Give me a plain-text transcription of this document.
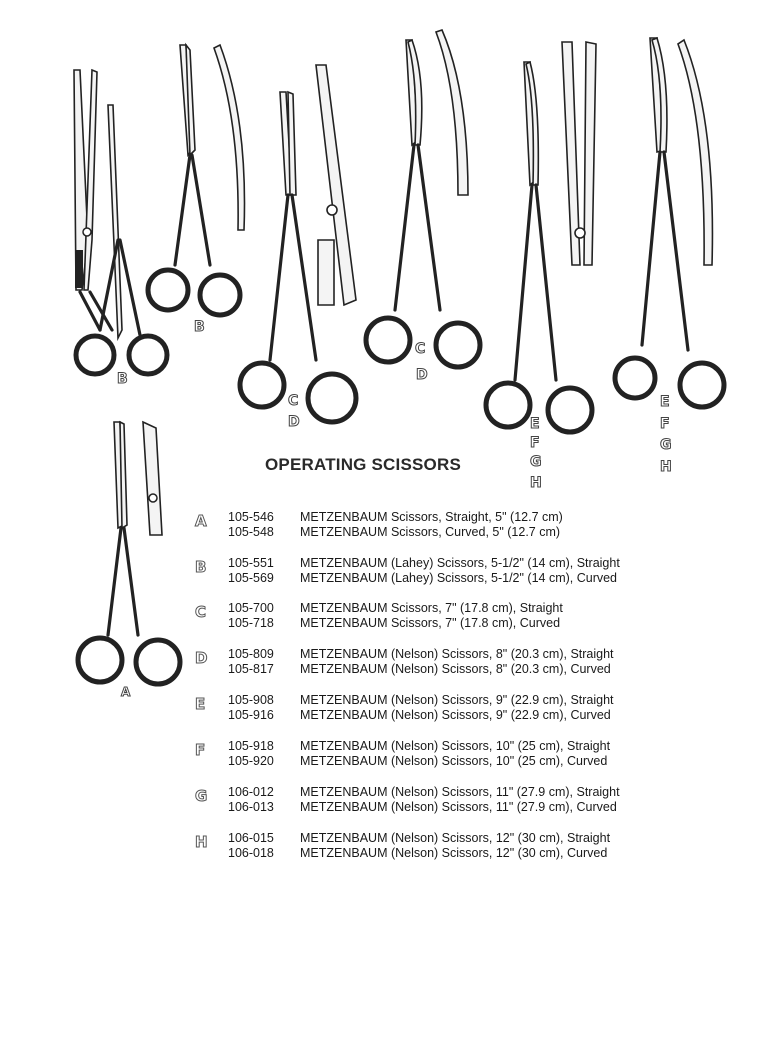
B
B
C
D
C
D
E
F
G
H
E
F
G
H
A
OPERATING SCISSORS
A 105-546 METZENBAUM Scissors, Straight, 5" (12.7 cm)
105-548 METZENBAUM Scissors, Curved, 5" (12.7 cm)
B 105-551 METZENBAUM (Lahey) Scissors, 5-1/2" (14 cm), Straight
105-569 METZENBAUM (Lahey) Scissors, 5-1/2" (14 cm), Curved
C 105-700 METZENBAUM Scissors, 7" (17.8 cm), Straight
105-718 METZENBAUM Scissors, 7" (17.8 cm), Curved
D 105-809 METZENBAUM (Nelson) Scissors, 8" (20.3 cm), Straight
105-817 METZENBAUM (Nelson) Scissors, 8" (20.3 cm), Curved
E 105-908 METZENBAUM (Nelson) Scissors, 9" (22.9 cm), Straight
105-916 METZENBAUM (Nelson) Scissors, 9" (22.9 cm), Curved
F 105-918 METZENBAUM (Nelson) Scissors, 10" (25 cm), Straight
105-920 METZENBAUM (Nelson) Scissors, 10" (25 cm), Curved
G 106-012 METZENBAUM (Nelson) Scissors, 11" (27.9 cm), Straight
106-013 METZENBAUM (Nelson) Scissors, 11" (27.9 cm), Curved
H 106-015 METZENBAUM (Nelson) Scissors, 12" (30 cm), Straight
106-018 METZENBAUM (Nelson) Scissors, 12" (30 cm), Curved
